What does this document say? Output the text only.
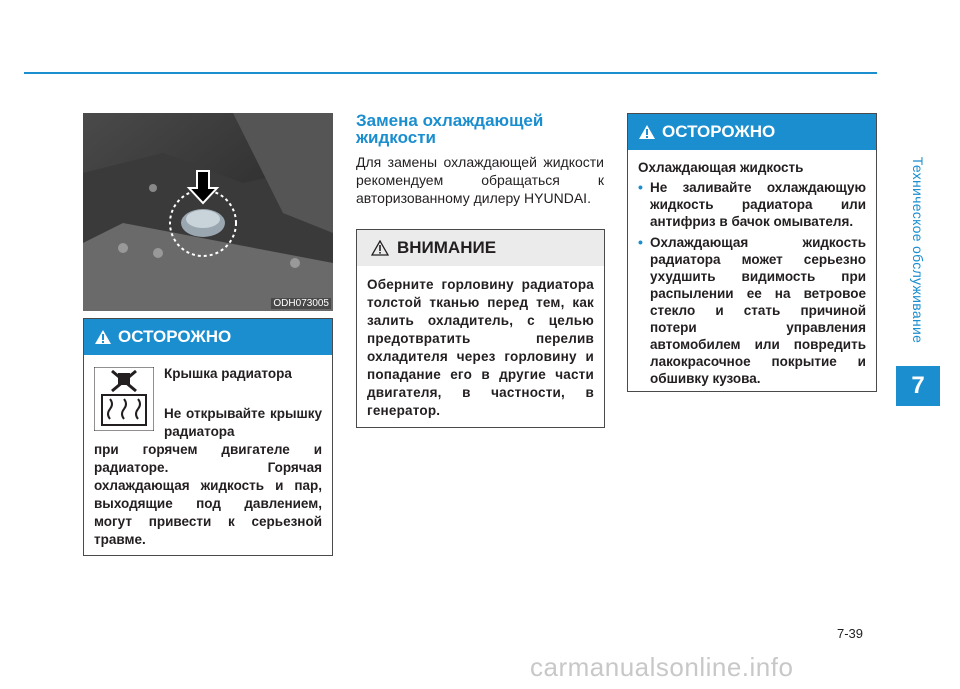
Техническое обслуживание
7
ODH073005
ОСТОРОЖНО

Крышка радиатора

Не открывайте крышку радиатора

при горячем двигателе и радиаторе. Горячая охлаждающая жидкость и пар, выходящие под давлением, могут привести к серьезной травме.

Замена охлаждающей жидкости
Для замены охлаждающей жидкости рекомендуем обращаться к авторизованному дилеру HYUNDAI.
ВНИМАНИЕ
Оберните горловину радиатора толстой тканью перед тем, как залить охладитель, с целью предотвратить перелив охладителя через горловину и попадание его в другие части двигателя, в частности, в генератор.
ОСТОРОЖНО
Охлаждающая жидкость
• Не заливайте охлаждающую жидкость радиатора или антифриз в бачок омывателя.
• Охлаждающая жидкость радиатора может серьезно ухудшить видимость при распылении ее на ветровое стекло и стать причиной потери управления автомобилем или повредить лакокрасочное покрытие и обшивку кузова.
7-39
carmanualsonline.info
